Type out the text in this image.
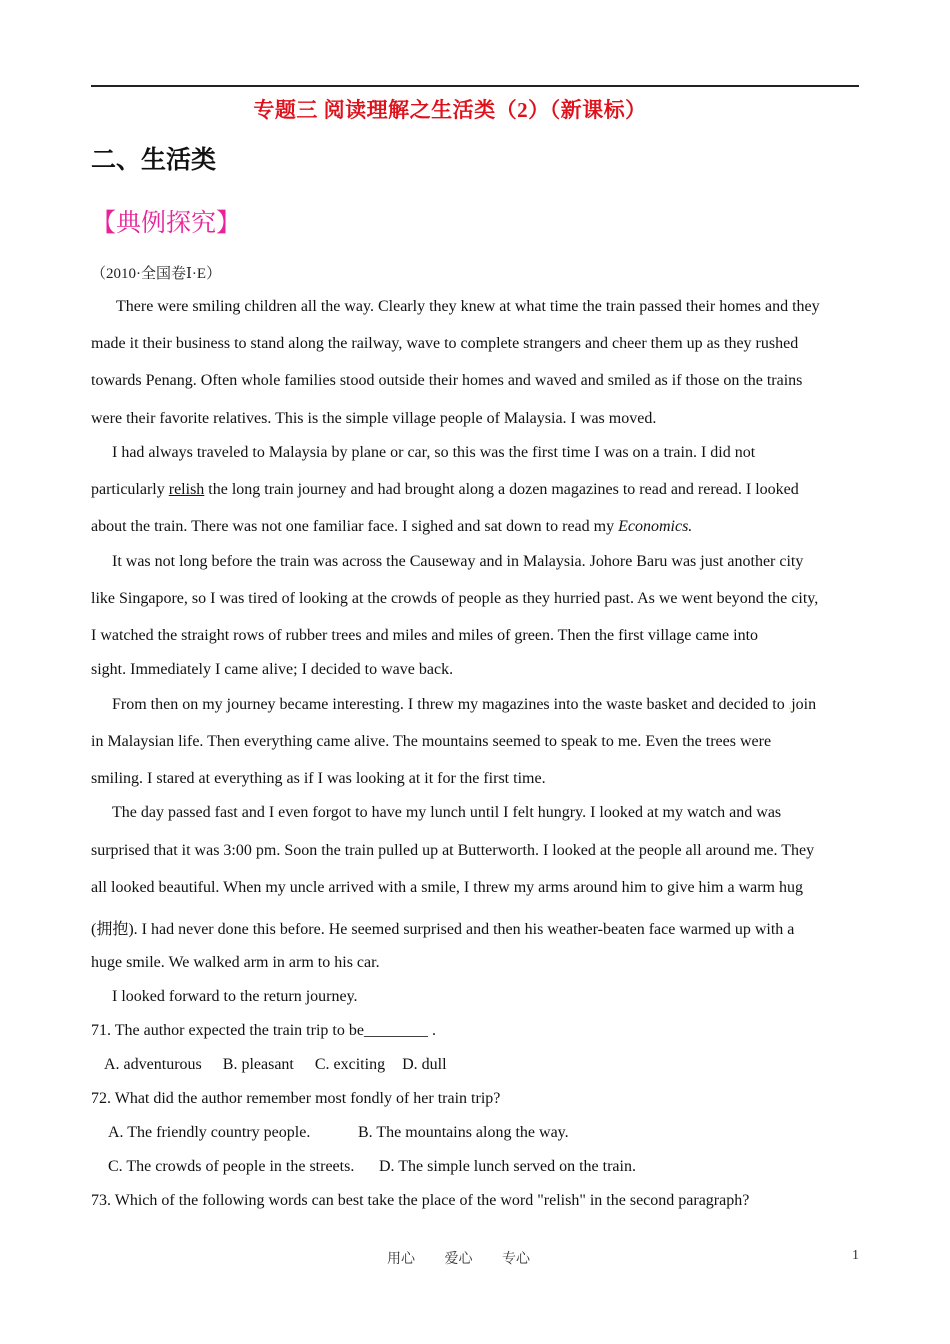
专题三 阅读理解之生活类（2）（新课标）
二、生活类
【典例探究】
（2010·全国卷Ⅰ·E）
There were smiling children all the way. Clearly they knew at what time the train passed their homes and they
made it their business to stand along the railway, wave to complete strangers and cheer them up as they rushed
towards Penang. Often whole families stood outside their homes and waved and smiled as if those on the trains
were their favorite relatives. This is the simple village people of Malaysia. I was moved.
I had always traveled to Malaysia by plane or car, so this was the first time I was on a train. I did not
particularly relish the long train journey and had brought along a dozen magazines to read and reread. I looked
about the train. There was not one familiar face. I sighed and sat down to read my Economics.
It was not long before the train was across the Causeway and in Malaysia. Johore Baru was just another city
like Singapore, so I was tired of looking at the crowds of people as they hurried past. As we went beyond the city,
I watched the straight rows of rubber trees and miles and miles of green. Then the first village came into
sight. Immediately I came alive; I decided to wave back.
From then on my journey became interesting. I threw my magazines into the waste basket and decided to .join
in Malaysian life. Then everything came alive. The mountains seemed to speak to me. Even the trees were
smiling. I stared at everything as if I was looking at it for the first time.
The day passed fast and I even forgot to have my lunch until I felt hungry. I looked at my watch and was
surprised that it was 3:00 pm. Soon the train pulled up at Butterworth. I looked at the people all around me. They
all looked beautiful. When my uncle arrived with a smile, I threw my arms around him to give him a warm hug
(拥抱). I had never done this before. He seemed surprised and then his weather-beaten face warmed up with a
huge smile. We walked arm in arm to his car.
I looked forward to the return journey.
71. The author expected the train trip to be________ .
A. adventurous B. pleasant C. exciting D. dull
72. What did the author remember most fondly of her train trip?
A. The friendly country people.	B. The mountains along the way.
C. The crowds of people in the streets. D. The simple lunch served on the train.
73. Which of the following words can best take the place of the word "relish" in the second paragraph?
用心 爱心 专心	1
